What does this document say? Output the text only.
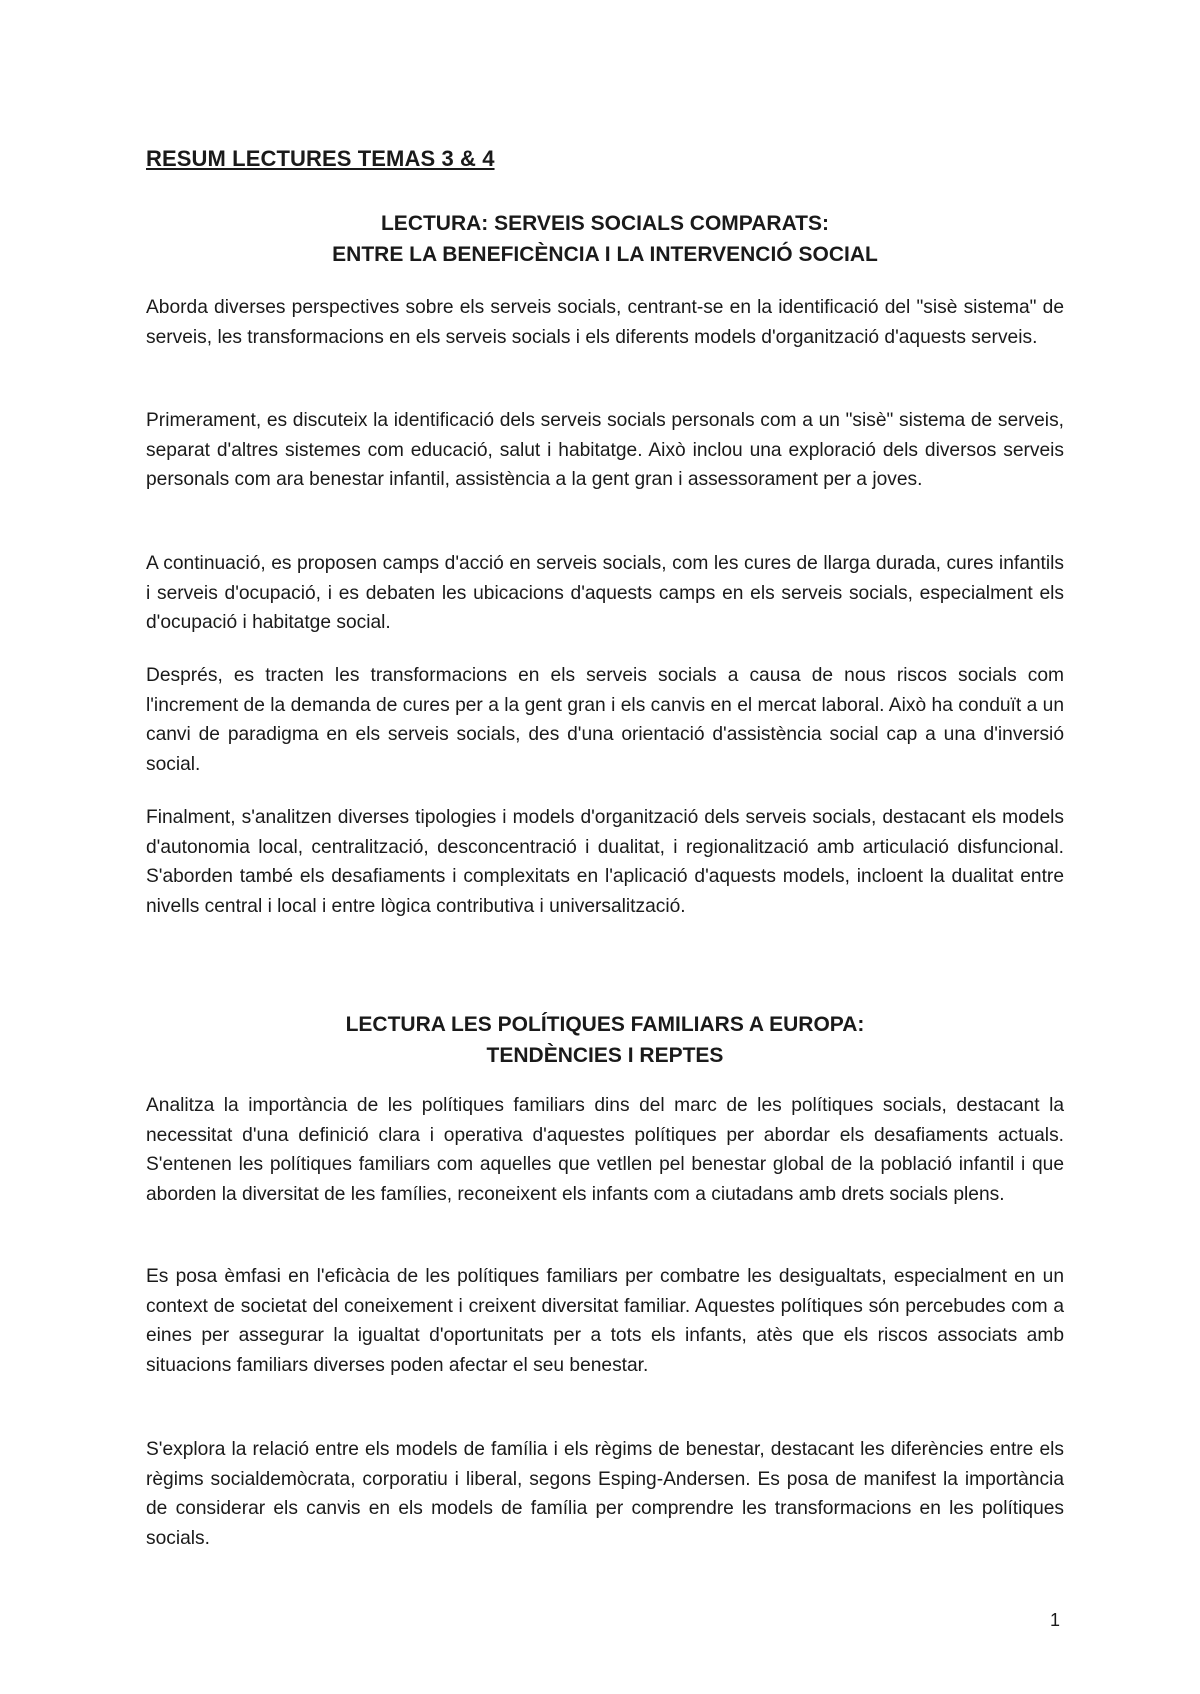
RESUM LECTURES TEMAS 3 & 4
LECTURA: SERVEIS SOCIALS COMPARATS:
ENTRE LA BENEFICÈNCIA I LA INTERVENCIÓ SOCIAL

Aborda diverses perspectives sobre els serveis socials, centrant-se en la identificació del "sisè sistema" de serveis, les transformacions en els serveis socials i els diferents models d'organització d'aquests serveis.

Primerament, es discuteix la identificació dels serveis socials personals com a un "sisè" sistema de serveis, separat d'altres sistemes com educació, salut i habitatge. Això inclou una exploració dels diversos serveis personals com ara benestar infantil, assistència a la gent gran i assessorament per a joves.

A continuació, es proposen camps d'acció en serveis socials, com les cures de llarga durada, cures infantils i serveis d'ocupació, i es debaten les ubicacions d'aquests camps en els serveis socials, especialment els d'ocupació i habitatge social.

Després, es tracten les transformacions en els serveis socials a causa de nous riscos socials com l'increment de la demanda de cures per a la gent gran i els canvis en el mercat laboral. Això ha conduït a un canvi de paradigma en els serveis socials, des d'una orientació d'assistència social cap a una d'inversió social.

Finalment, s'analitzen diverses tipologies i models d'organització dels serveis socials, destacant els models d'autonomia local, centralització, desconcentració i dualitat, i regionalització amb articulació disfuncional. S'aborden també els desafiaments i complexitats en l'aplicació d'aquests models, incloent la dualitat entre nivells central i local i entre lògica contributiva i universalització.

LECTURA LES POLÍTIQUES FAMILIARS A EUROPA:
TENDÈNCIES I REPTES

Analitza la importància de les polítiques familiars dins del marc de les polítiques socials, destacant la necessitat d'una definició clara i operativa d'aquestes polítiques per abordar els desafiaments actuals. S'entenen les polítiques familiars com aquelles que vetllen pel benestar global de la població infantil i que aborden la diversitat de les famílies, reconeixent els infants com a ciutadans amb drets socials plens.

Es posa èmfasi en l'eficàcia de les polítiques familiars per combatre les desigualtats, especialment en un context de societat del coneixement i creixent diversitat familiar. Aquestes polítiques són percebudes com a eines per assegurar la igualtat d'oportunitats per a tots els infants, atès que els riscos associats amb situacions familiars diverses poden afectar el seu benestar.

S'explora la relació entre els models de família i els règims de benestar, destacant les diferències entre els règims socialdemòcrata, corporatiu i liberal, segons Esping-Andersen. Es posa de manifest la importància de considerar els canvis en els models de família per comprendre les transformacions en les polítiques socials.

1
